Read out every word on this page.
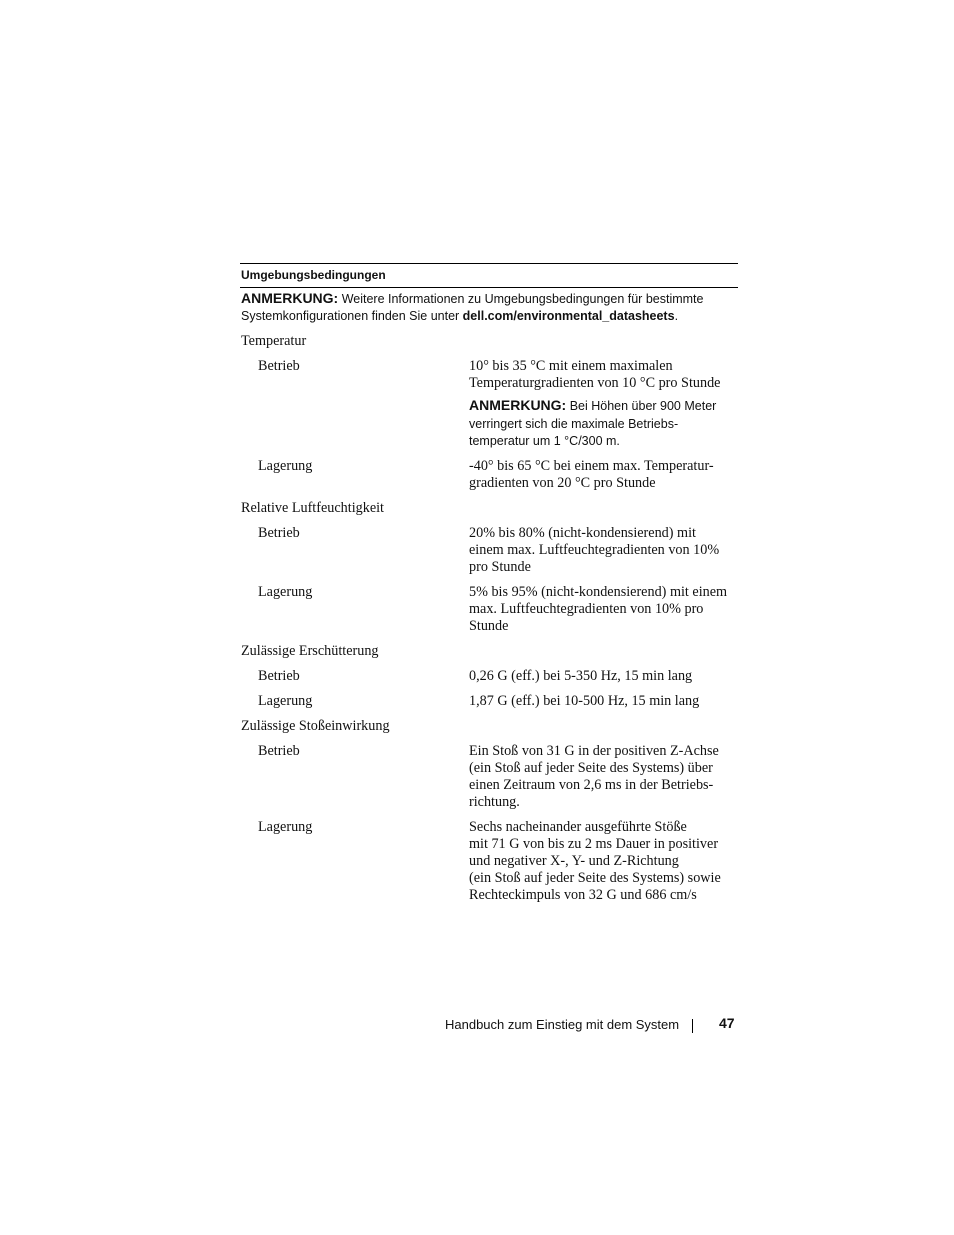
Umgebungsbedingungen
ANMERKUNG: Weitere Informationen zu Umgebungsbedingungen für bestimmte Systemkonfigurationen finden Sie unter dell.com/environmental_datasheets.
Temperatur
Betrieb	10° bis 35 °C mit einem maximalen
Temperaturgradienten von 10 °C pro Stunde
ANMERKUNG: Bei Höhen über 900 Meter
verringert sich die maximale Betriebs-
temperatur um 1 °C/300 m.
Lagerung	-40° bis 65 °C bei einem max. Temperatur-
gradienten von 20 °C pro Stunde
Relative Luftfeuchtigkeit
Betrieb	20% bis 80% (nicht-kondensierend) mit
einem max. Luftfeuchtegradienten von 10%
pro Stunde
Lagerung	5% bis 95% (nicht-kondensierend) mit einem
max. Luftfeuchtegradienten von 10% pro
Stunde
Zulässige Erschütterung
Betrieb	0,26 G (eff.) bei 5-350 Hz, 15 min lang
Lagerung	1,87 G (eff.) bei 10-500 Hz, 15 min lang
Zulässige Stoßeinwirkung
Betrieb	Ein Stoß von 31 G in der positiven Z-Achse
(ein Stoß auf jeder Seite des Systems) über
einen Zeitraum von 2,6 ms in der Betriebs-
richtung.
Lagerung	Sechs nacheinander ausgeführte Stöße
mit 71 G von bis zu 2 ms Dauer in positiver
und negativer X-, Y- und Z-Richtung
(ein Stoß auf jeder Seite des Systems) sowie
Rechteckimpuls von 32 G und 686 cm/s
Handbuch zum Einstieg mit dem System	47
